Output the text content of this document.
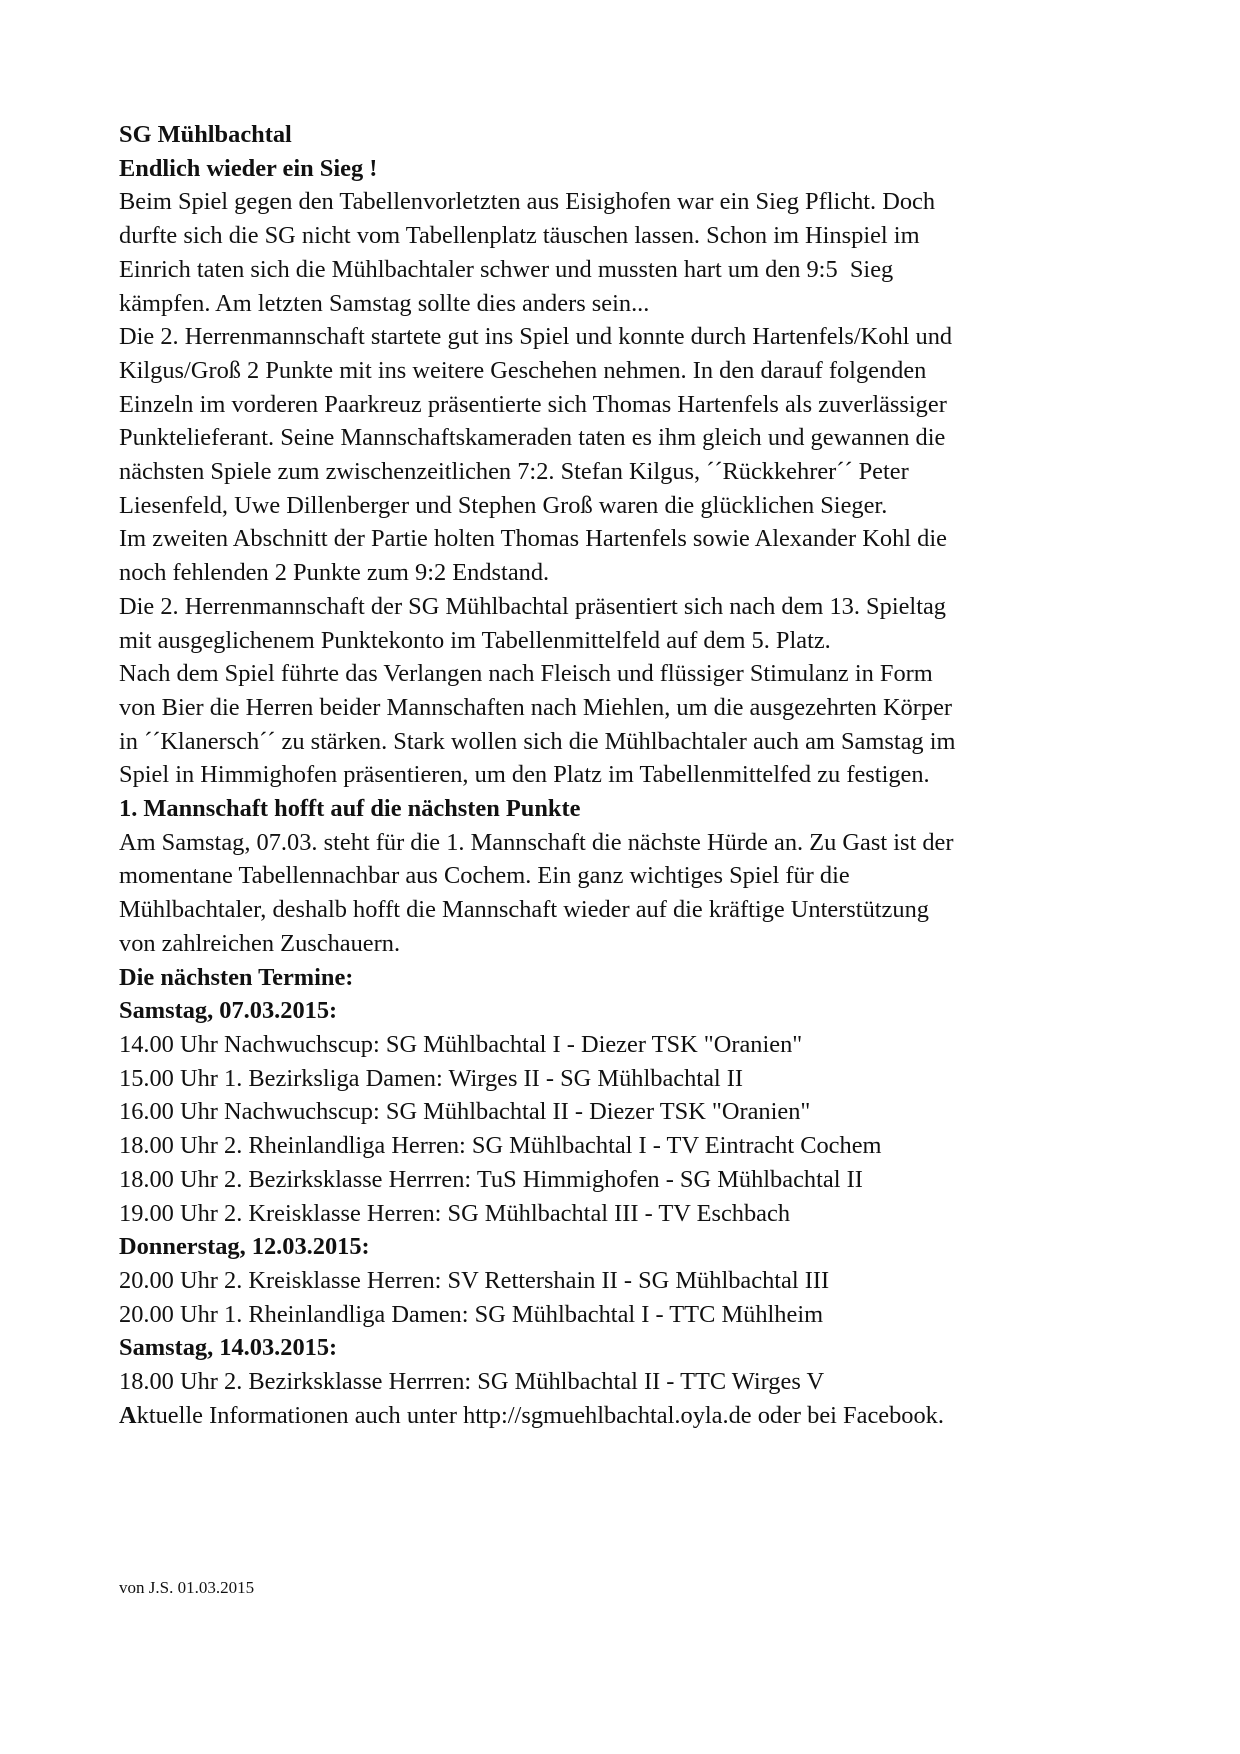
SG Mühlbachtal
Endlich wieder ein Sieg !
Beim Spiel gegen den Tabellenvorletzten aus Eisighofen war ein Sieg Pflicht. Doch
durfte sich die SG nicht vom Tabellenplatz täuschen lassen. Schon im Hinspiel im
Einrich taten sich die Mühlbachtaler schwer und mussten hart um den 9:5  Sieg
kämpfen. Am letzten Samstag sollte dies anders sein...
Die 2. Herrenmannschaft startete gut ins Spiel und konnte durch Hartenfels/Kohl und
Kilgus/Groß 2 Punkte mit ins weitere Geschehen nehmen. In den darauf folgenden
Einzeln im vorderen Paarkreuz präsentierte sich Thomas Hartenfels als zuverlässiger
Punktelieferant. Seine Mannschaftskameraden taten es ihm gleich und gewannen die
nächsten Spiele zum zwischenzeitlichen 7:2. Stefan Kilgus, ´´Rückkehrer´´ Peter
Liesenfeld, Uwe Dillenberger und Stephen Groß waren die glücklichen Sieger.
Im zweiten Abschnitt der Partie holten Thomas Hartenfels sowie Alexander Kohl die
noch fehlenden 2 Punkte zum 9:2 Endstand.
Die 2. Herrenmannschaft der SG Mühlbachtal präsentiert sich nach dem 13. Spieltag
mit ausgeglichenem Punktekonto im Tabellenmittelfeld auf dem 5. Platz.
Nach dem Spiel führte das Verlangen nach Fleisch und flüssiger Stimulanz in Form
von Bier die Herren beider Mannschaften nach Miehlen, um die ausgezehrten Körper
in ´´Klanersch´´ zu stärken. Stark wollen sich die Mühlbachtaler auch am Samstag im
Spiel in Himmighofen präsentieren, um den Platz im Tabellenmittelfed zu festigen.
1. Mannschaft hofft auf die nächsten Punkte
Am Samstag, 07.03. steht für die 1. Mannschaft die nächste Hürde an. Zu Gast ist der
momentane Tabellennachbar aus Cochem. Ein ganz wichtiges Spiel für die
Mühlbachtaler, deshalb hofft die Mannschaft wieder auf die kräftige Unterstützung
von zahlreichen Zuschauern.
Die nächsten Termine:
Samstag, 07.03.2015:
14.00 Uhr Nachwuchscup: SG Mühlbachtal I - Diezer TSK "Oranien"
15.00 Uhr 1. Bezirksliga Damen: Wirges II - SG Mühlbachtal II
16.00 Uhr Nachwuchscup: SG Mühlbachtal II - Diezer TSK "Oranien"
18.00 Uhr 2. Rheinlandliga Herren: SG Mühlbachtal I - TV Eintracht Cochem
18.00 Uhr 2. Bezirksklasse Herrren: TuS Himmighofen - SG Mühlbachtal II
19.00 Uhr 2. Kreisklasse Herren: SG Mühlbachtal III - TV Eschbach
Donnerstag, 12.03.2015:
20.00 Uhr 2. Kreisklasse Herren: SV Rettershain II - SG Mühlbachtal III
20.00 Uhr 1. Rheinlandliga Damen: SG Mühlbachtal I - TTC Mühlheim
Samstag, 14.03.2015:
18.00 Uhr 2. Bezirksklasse Herrren: SG Mühlbachtal II - TTC Wirges V
Aktuelle Informationen auch unter http://sgmuehlbachtal.oyla.de oder bei Facebook.
von J.S. 01.03.2015
